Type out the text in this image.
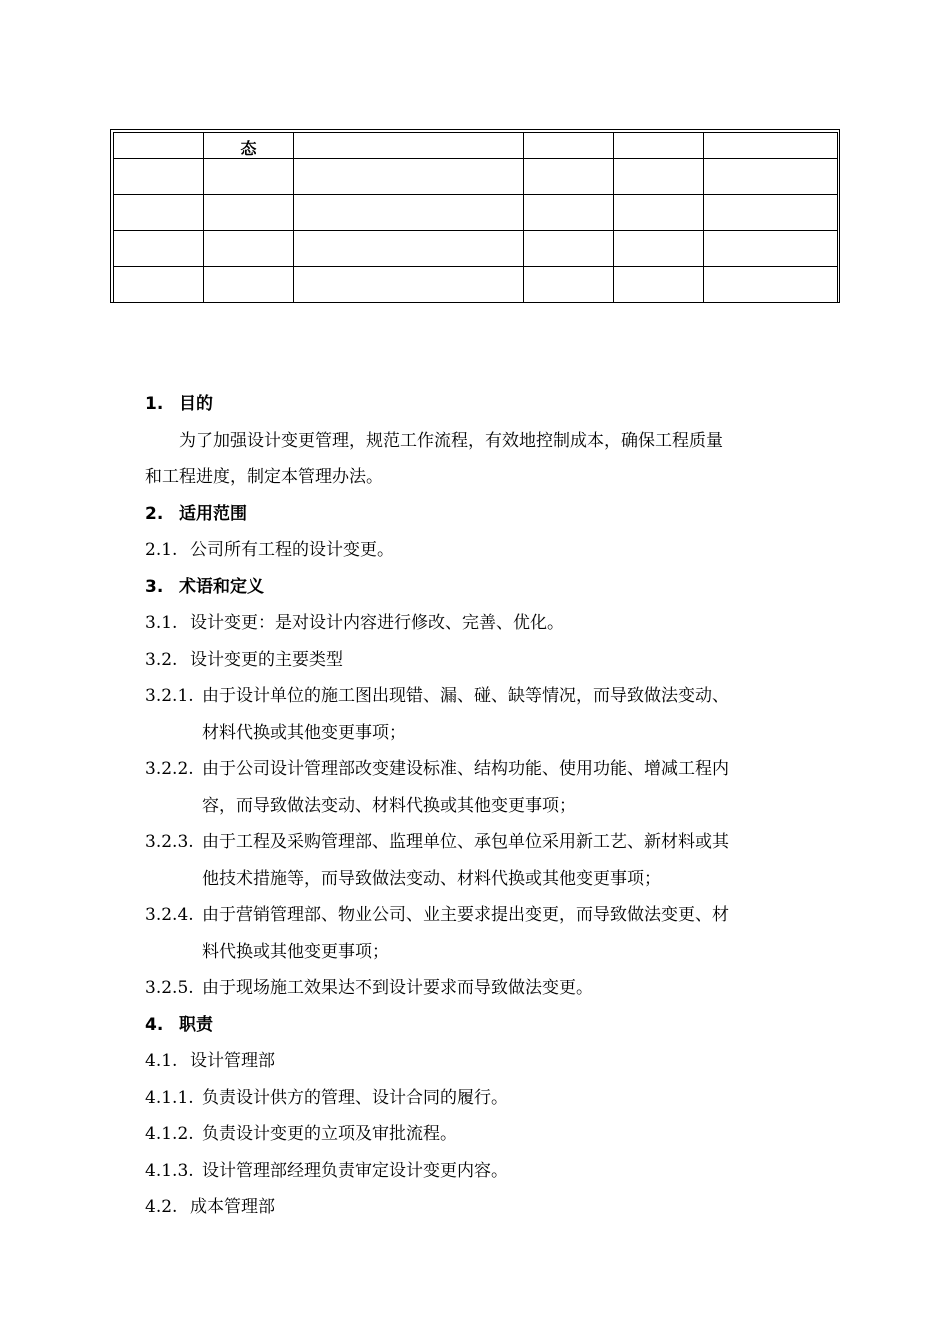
	态				

1. 目的
为了加强设计变更管理，规范工作流程，有效地控制成本，确保工程质量
和工程进度，制定本管理办法。
2. 适用范围
2.1. 公司所有工程的设计变更。
3. 术语和定义
3.1. 设计变更：是对设计内容进行修改、完善、优化。
3.2. 设计变更的主要类型
3.2.1. 由于设计单位的施工图出现错、漏、碰、缺等情况，而导致做法变动、
材料代换或其他变更事项；
3.2.2. 由于公司设计管理部改变建设标准、结构功能、使用功能、增减工程内
容，而导致做法变动、材料代换或其他变更事项；
3.2.3. 由于工程及采购管理部、监理单位、承包单位采用新工艺、新材料或其
他技术措施等，而导致做法变动、材料代换或其他变更事项；
3.2.4. 由于营销管理部、物业公司、业主要求提出变更，而导致做法变更、材
料代换或其他变更事项；
3.2.5. 由于现场施工效果达不到设计要求而导致做法变更。
4. 职责
4.1. 设计管理部
4.1.1. 负责设计供方的管理、设计合同的履行。
4.1.2. 负责设计变更的立项及审批流程。
4.1.3. 设计管理部经理负责审定设计变更内容。
4.2. 成本管理部
